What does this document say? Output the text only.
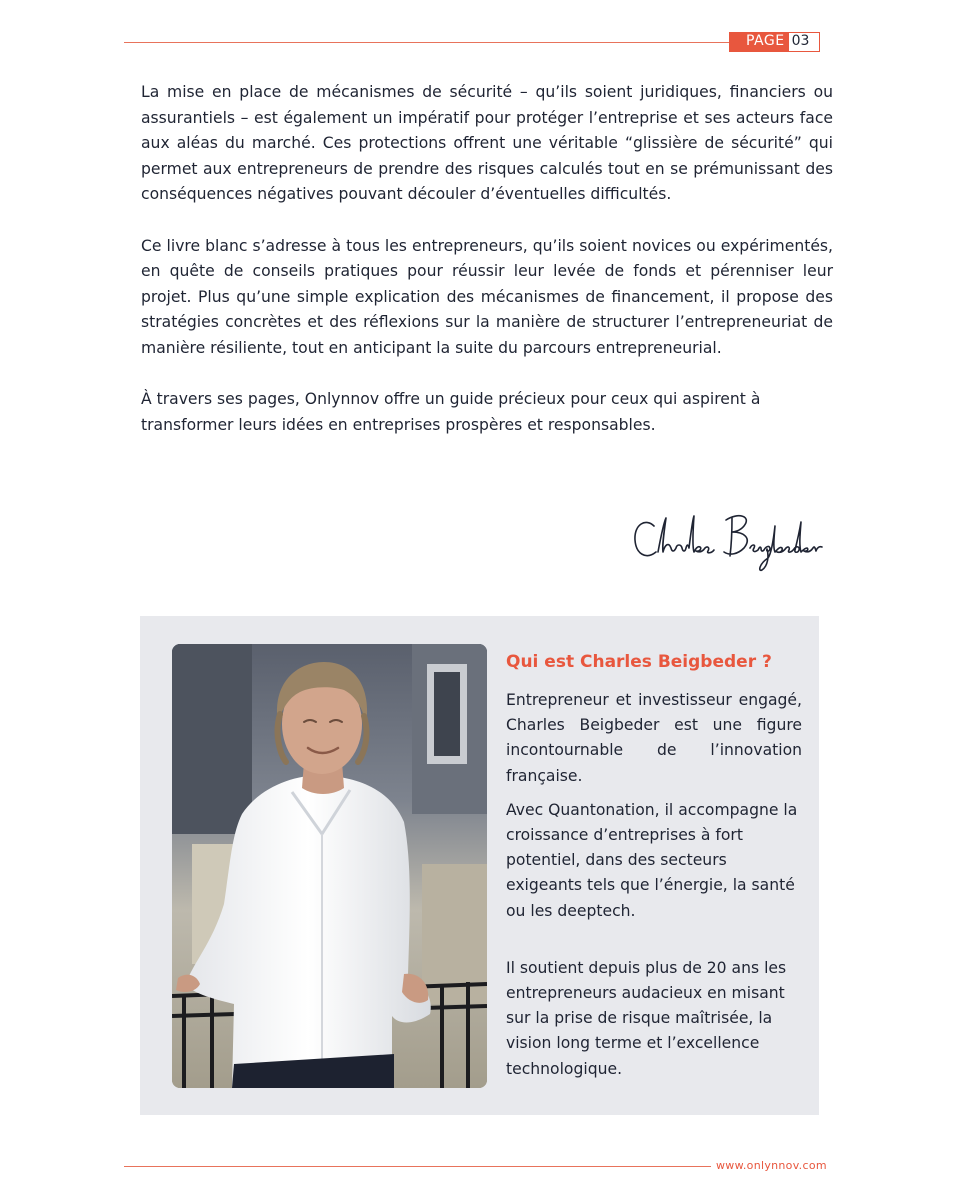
PAGE 03

La mise en place de mécanismes de sécurité – qu’ils soient juridiques, financiers ou assurantiels – est également un impératif pour protéger l’entreprise et ses acteurs face aux aléas du marché. Ces protections offrent une véritable “glissière de sécurité” qui permet aux entrepreneurs de prendre des risques calculés tout en se prémunissant des conséquences négatives pouvant découler d’éventuelles difficultés.

Ce livre blanc s’adresse à tous les entrepreneurs, qu’ils soient novices ou expérimentés, en quête de conseils pratiques pour réussir leur levée de fonds et pérenniser leur projet. Plus qu’une simple explication des mécanismes de financement, il propose des stratégies concrètes et des réflexions sur la manière de structurer l’entrepreneuriat de manière résiliente, tout en anticipant la suite du parcours entrepreneurial.

À travers ses pages, Onlynnov offre un guide précieux pour ceux qui aspirent à transformer leurs idées en entreprises prospères et responsables.

Qui est Charles Beigbeder ?

Entrepreneur et investisseur engagé, Charles Beigbeder est une figure incontournable de l’innovation française.

Avec Quantonation, il accompagne la croissance d’entreprises à fort potentiel, dans des secteurs exigeants tels que l’énergie, la santé ou les deeptech.

Il soutient depuis plus de 20 ans les entrepreneurs audacieux en misant sur la prise de risque maîtrisée, la vision long terme et l’excellence technologique.

www.onlynnov.com
